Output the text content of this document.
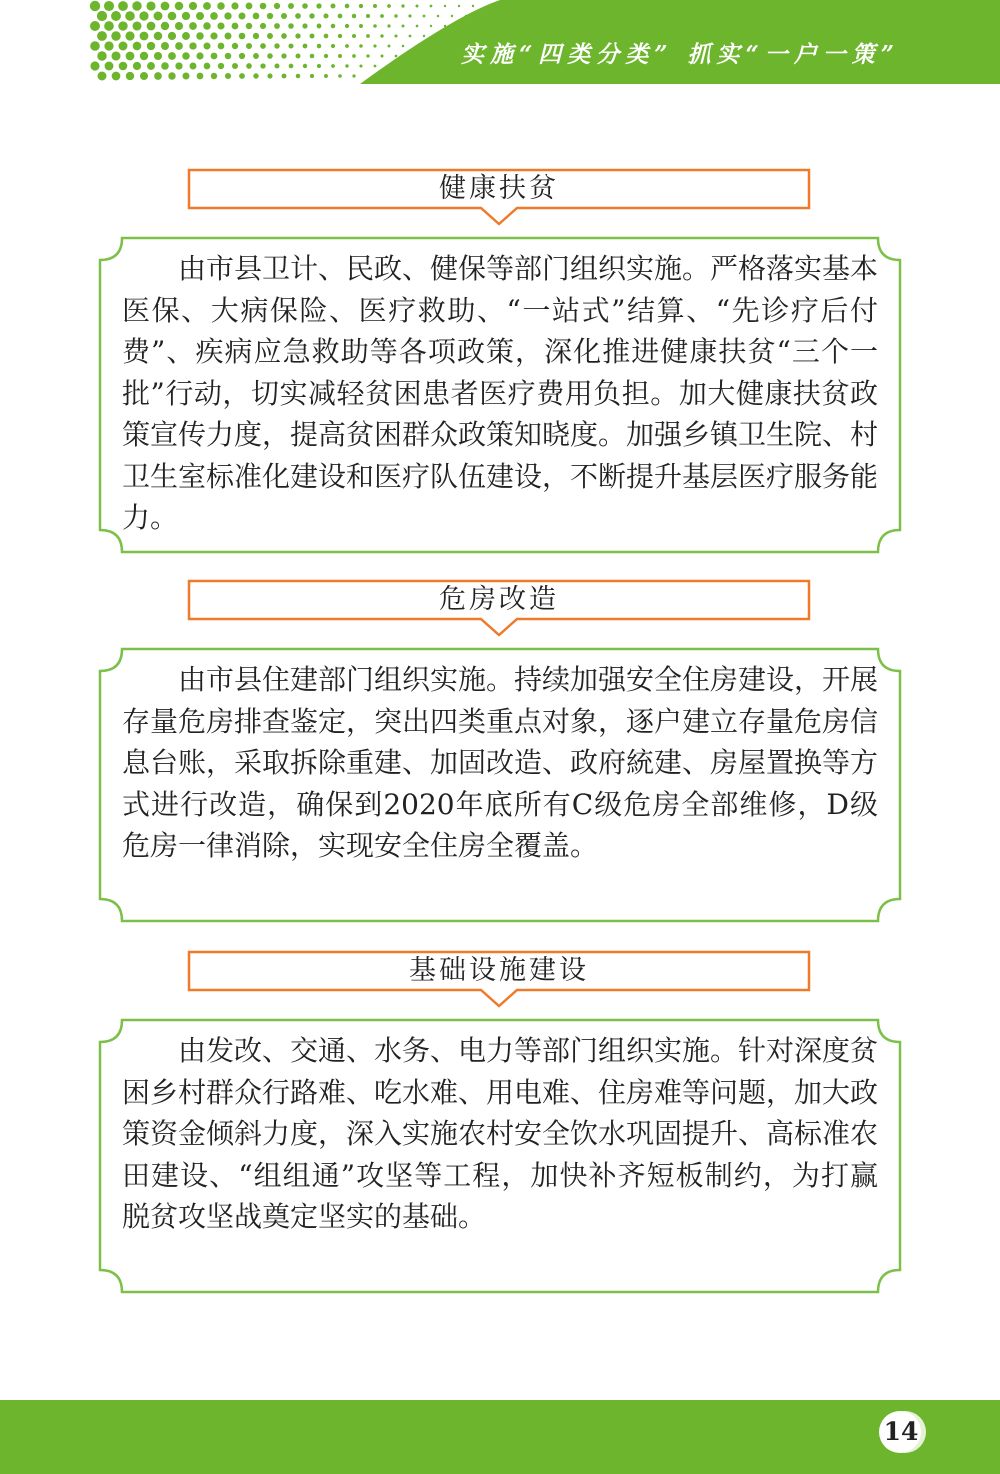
实施“四类分类” 抓实“一户一策”
健康扶贫

由市县卫计、民政、健保等部门组织实施。严格落实基本医保、大病保险、医疗救助、“一站式”结算、“先诊疗后付费”、疾病应急救助等各项政策，深化推进健康扶贫“三个一批”行动，切实减轻贫困患者医疗费用负担。加大健康扶贫政策宣传力度，提高贫困群众政策知晓度。加强乡镇卫生院、村卫生室标准化建设和医疗队伍建设，不断提升基层医疗服务能力。

危房改造

由市县住建部门组织实施。持续加强安全住房建设，开展存量危房排查鉴定，突出四类重点对象，逐户建立存量危房信息台账，采取拆除重建、加固改造、政府統建、房屋置换等方式进行改造，确保到2020年底所有C级危房全部维修，D级危房一律消除，实现安全住房全覆盖。

基础设施建设

由发改、交通、水务、电力等部门组织实施。针对深度贫困乡村群众行路难、吃水难、用电难、住房难等问题，加大政策资金倾斜力度，深入实施农村安全饮水巩固提升、高标准农田建设、“组组通”攻坚等工程，加快补齐短板制约，为打赢脱贫攻坚战奠定坚实的基础。

14
